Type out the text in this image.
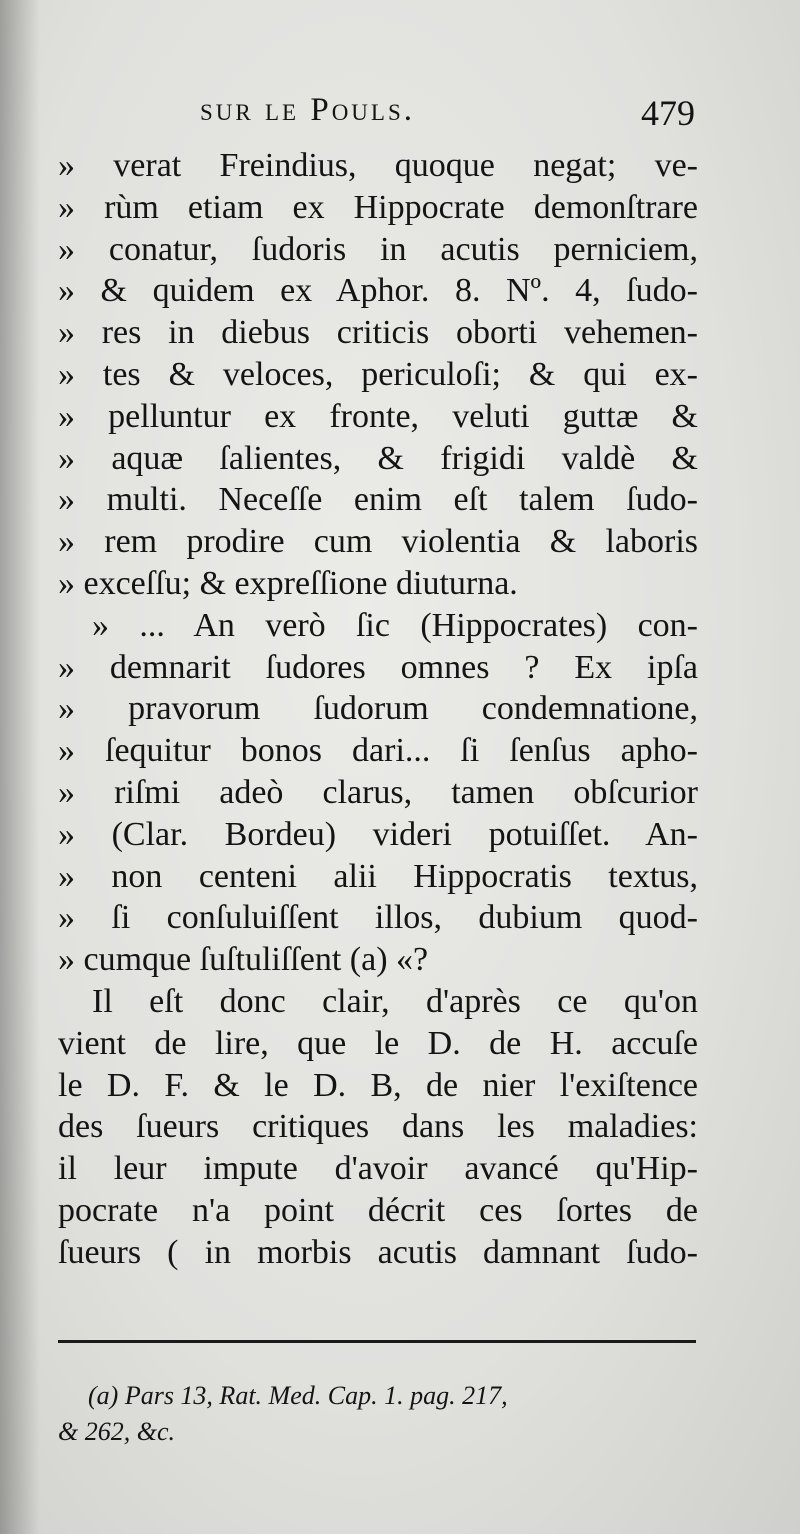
sur le Pouls.	479
» verat Freindius, quoque negat; ve-
» rùm etiam ex Hippocrate demonſtrare
» conatur, ſudoris in acutis perniciem,
» & quidem ex Aphor. 8. Nº. 4, ſudo-
» res in diebus criticis oborti vehemen-
» tes & veloces, periculoſi; & qui ex-
» pelluntur ex fronte, veluti guttæ &
» aquæ ſalientes, & frigidi valdè &
» multi. Neceſſe enim eſt talem ſudo-
» rem prodire cum violentia & laboris
» exceſſu; & expreſſione diuturna.
» ... An verò ſic (Hippocrates) con-
» demnarit ſudores omnes ? Ex ipſa
» pravorum ſudorum condemnatione,
» ſequitur bonos dari... ſi ſenſus apho-
» riſmi adeò clarus, tamen obſcurior
» (Clar. Bordeu) videri potuiſſet. An-
» non centeni alii Hippocratis textus,
» ſi conſuluiſſent illos, dubium quod-
» cumque ſuſtuliſſent (a) «?
Il eſt donc clair, d'après ce qu'on
vient de lire, que le D. de H. accuſe
le D. F. & le D. B, de nier l'exiſtence
des ſueurs critiques dans les maladies:
il leur impute d'avoir avancé qu'Hip-
pocrate n'a point décrit ces ſortes de
ſueurs ( in morbis acutis damnant ſudo-
(a) Pars 13, Rat. Med. Cap. 1. pag. 217,
& 262, &c.
